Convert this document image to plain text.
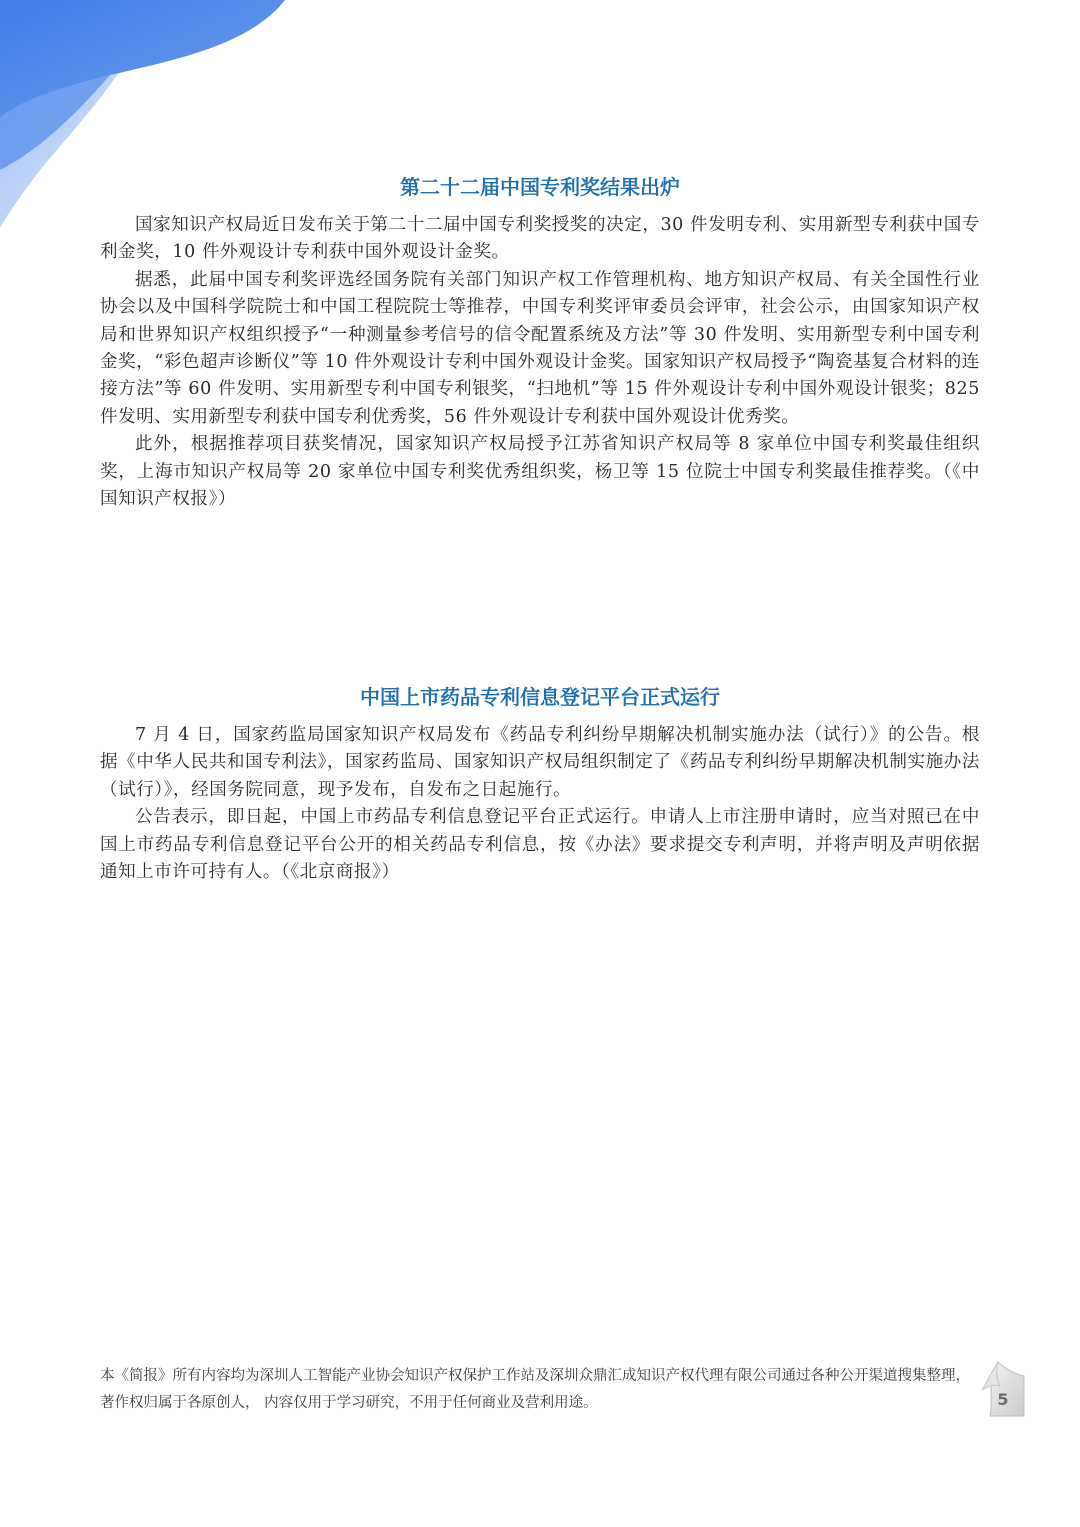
第二十二届中国专利奖结果出炉

国家知识产权局近日发布关于第二十二届中国专利奖授奖的决定，30 件发明专利、实用新型专利获中国专利金奖，10 件外观设计专利获中国外观设计金奖。

据悉，此届中国专利奖评选经国务院有关部门知识产权工作管理机构、地方知识产权局、有关全国性行业协会以及中国科学院院士和中国工程院院士等推荐，中国专利奖评审委员会评审，社会公示，由国家知识产权局和世界知识产权组织授予“一种测量参考信号的信令配置系统及方法”等 30 件发明、实用新型专利中国专利金奖，“彩色超声诊断仪”等 10 件外观设计专利中国外观设计金奖。国家知识产权局授予“陶瓷基复合材料的连接方法”等 60 件发明、实用新型专利中国专利银奖，“扫地机”等 15 件外观设计专利中国外观设计银奖；825 件发明、实用新型专利获中国专利优秀奖，56 件外观设计专利获中国外观设计优秀奖。

此外，根据推荐项目获奖情况，国家知识产权局授予江苏省知识产权局等 8 家单位中国专利奖最佳组织奖，上海市知识产权局等 20 家单位中国专利奖优秀组织奖，杨卫等 15 位院士中国专利奖最佳推荐奖。（《中国知识产权报》）

中国上市药品专利信息登记平台正式运行

7 月 4 日，国家药监局国家知识产权局发布《药品专利纠纷早期解决机制实施办法（试行）》的公告。根据《中华人民共和国专利法》，国家药监局、国家知识产权局组织制定了《药品专利纠纷早期解决机制实施办法（试行）》，经国务院同意，现予发布，自发布之日起施行。

公告表示，即日起，中国上市药品专利信息登记平台正式运行。申请人上市注册申请时，应当对照已在中国上市药品专利信息登记平台公开的相关药品专利信息，按《办法》要求提交专利声明，并将声明及声明依据通知上市许可持有人。（《北京商报》）

本《简报》所有内容均为深圳人工智能产业协会知识产权保护工作站及深圳众鼎汇成知识产权代理有限公司通过各种公开渠道搜集整理，著作权归属于各原创人， 内容仅用于学习研究，不用于任何商业及营利用途。	5
